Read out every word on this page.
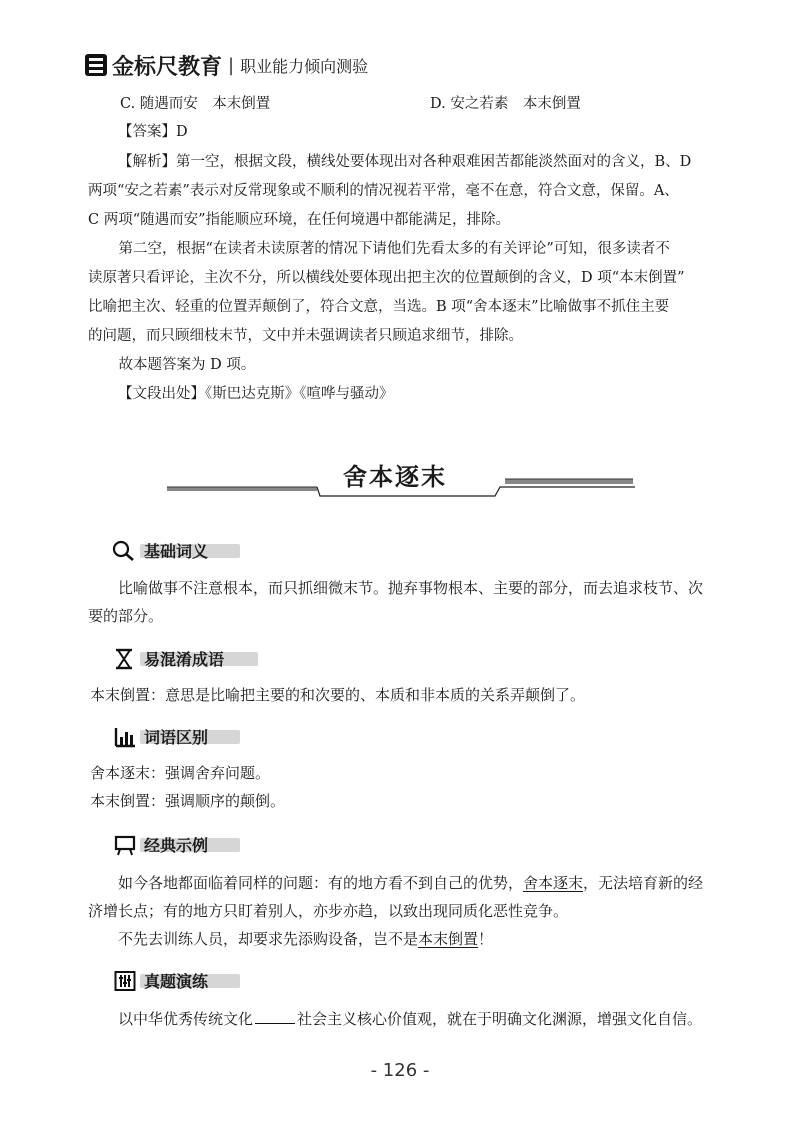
金标尺教育 | 职业能力倾向测验
C. 随遇而安　本末倒置	D. 安之若素　本末倒置
【答案】D
【解析】第一空，根据文段，横线处要体现出对各种艰难困苦都能淡然面对的含义，B、D
两项“安之若素”表示对反常现象或不顺利的情况视若平常，毫不在意，符合文意，保留。A、
C 两项“随遇而安”指能顺应环境，在任何境遇中都能满足，排除。
　第二空，根据“在读者未读原著的情况下请他们先看太多的有关评论”可知，很多读者不
读原著只看评论，主次不分，所以横线处要体现出把主次的位置颠倒的含义，D 项“本末倒置”
比喻把主次、轻重的位置弄颠倒了，符合文意，当选。B 项“舍本逐末”比喻做事不抓住主要
的问题，而只顾细枝末节，文中并未强调读者只顾追求细节，排除。
　故本题答案为 D 项。
【文段出处】《斯巴达克斯》《喧哗与骚动》
舍本逐末
基础词义
比喻做事不注意根本，而只抓细微末节。抛弃事物根本、主要的部分，而去追求枝节、次
要的部分。
易混淆成语
本末倒置：意思是比喻把主要的和次要的、本质和非本质的关系弄颠倒了。
词语区别
舍本逐末：强调舍弃问题。
本末倒置：强调顺序的颠倒。
经典示例
如今各地都面临着同样的问题：有的地方看不到自己的优势，舍本逐末，无法培育新的经
济增长点；有的地方只盯着别人，亦步亦趋，以致出现同质化恶性竞争。
不先去训练人员，却要求先添购设备，岂不是本末倒置！
真题演练
以中华优秀传统文化	社会主义核心价值观，就在于明确文化渊源，增强文化自信。
- 126 -
